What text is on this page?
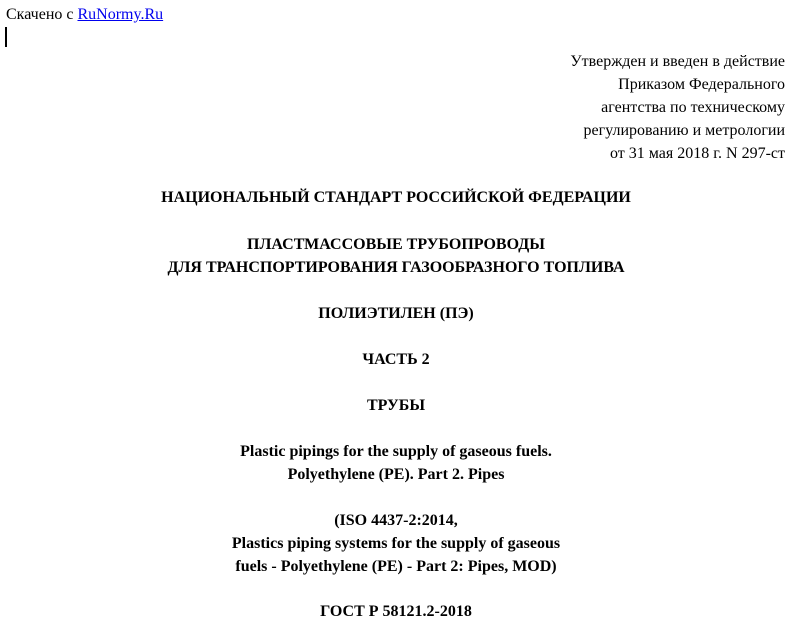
Скачено с RuNormy.Ru
Утвержден и введен в действие
Приказом Федерального
агентства по техническому
регулированию и метрологии
от 31 мая 2018 г. N 297-ст
НАЦИОНАЛЬНЫЙ СТАНДАРТ РОССИЙСКОЙ ФЕДЕРАЦИИ
ПЛАСТМАССОВЫЕ ТРУБОПРОВОДЫ
ДЛЯ ТРАНСПОРТИРОВАНИЯ ГАЗООБРАЗНОГО ТОПЛИВА
ПОЛИЭТИЛЕН (ПЭ)
ЧАСТЬ 2
ТРУБЫ
Plastic pipings for the supply of gaseous fuels.
Polyethylene (PE). Part 2. Pipes
(ISO 4437-2:2014,
Plastics piping systems for the supply of gaseous
fuels - Polyethylene (PE) - Part 2: Pipes, MOD)
ГОСТ Р 58121.2-2018
